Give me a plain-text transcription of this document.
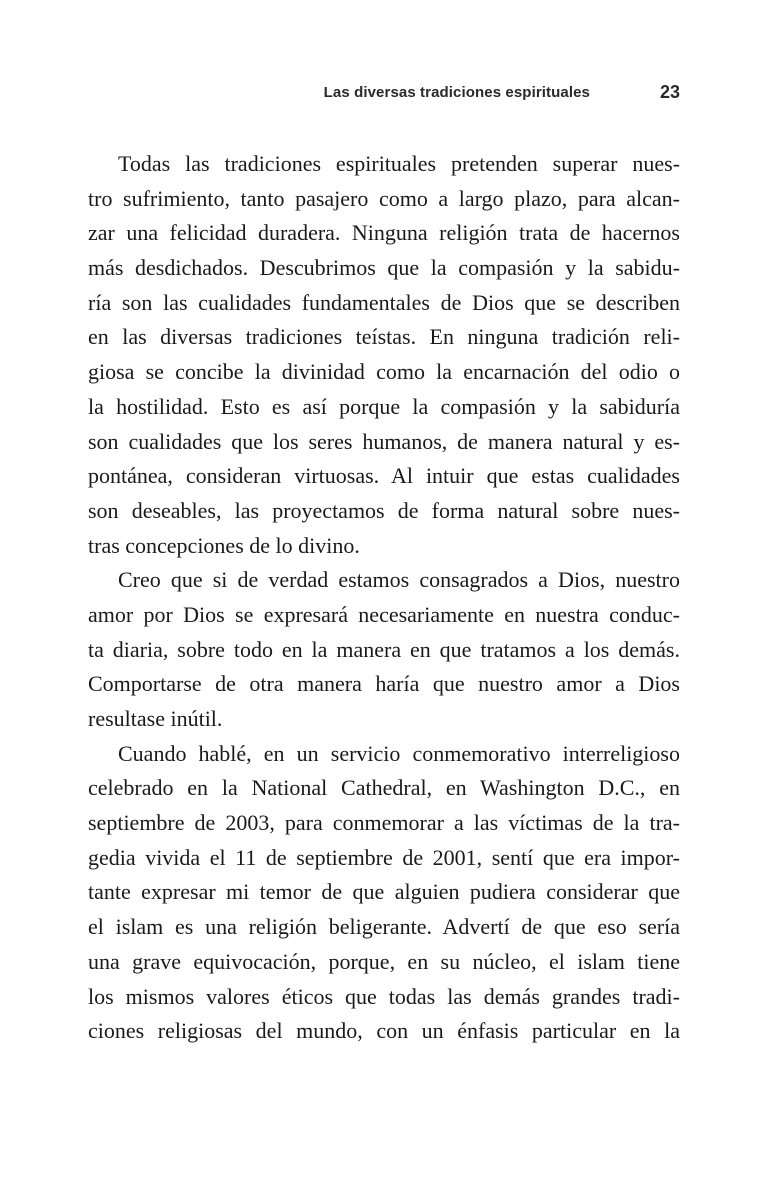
Las diversas tradiciones espirituales	23
Todas las tradiciones espirituales pretenden superar nues-
tro sufrimiento, tanto pasajero como a largo plazo, para alcan-
zar una felicidad duradera. Ninguna religión trata de hacernos
más desdichados. Descubrimos que la compasión y la sabidu-
ría son las cualidades fundamentales de Dios que se describen
en las diversas tradiciones teístas. En ninguna tradición reli-
giosa se concibe la divinidad como la encarnación del odio o
la hostilidad. Esto es así porque la compasión y la sabiduría
son cualidades que los seres humanos, de manera natural y es-
pontánea, consideran virtuosas. Al intuir que estas cualidades
son deseables, las proyectamos de forma natural sobre nues-
tras concepciones de lo divino.
Creo que si de verdad estamos consagrados a Dios, nuestro
amor por Dios se expresará necesariamente en nuestra conduc-
ta diaria, sobre todo en la manera en que tratamos a los demás.
Comportarse de otra manera haría que nuestro amor a Dios
resultase inútil.
Cuando hablé, en un servicio conmemorativo interreligioso
celebrado en la National Cathedral, en Washington D.C., en
septiembre de 2003, para conmemorar a las víctimas de la tra-
gedia vivida el 11 de septiembre de 2001, sentí que era impor-
tante expresar mi temor de que alguien pudiera considerar que
el islam es una religión beligerante. Advertí de que eso sería
una grave equivocación, porque, en su núcleo, el islam tiene
los mismos valores éticos que todas las demás grandes tradi-
ciones religiosas del mundo, con un énfasis particular en la
